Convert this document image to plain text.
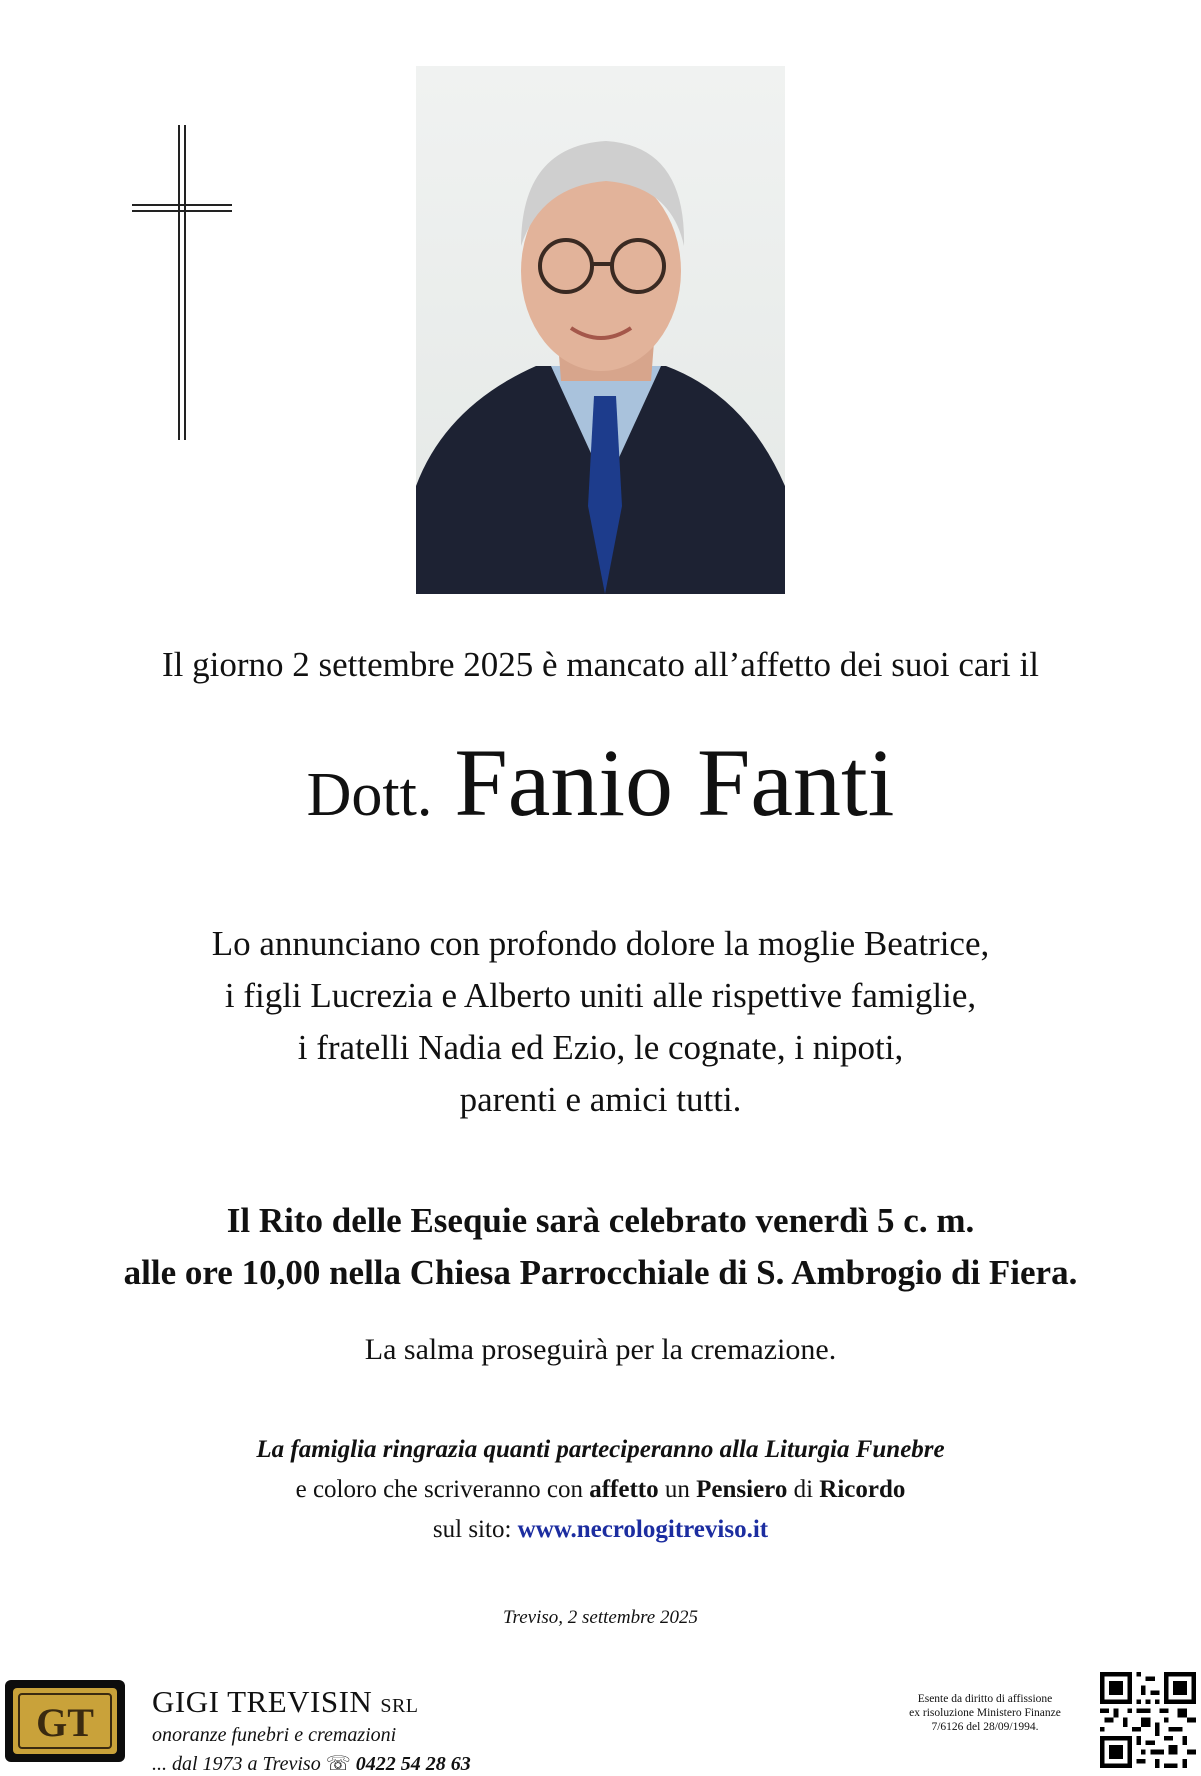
Il giorno 2 settembre 2025 è mancato all’affetto dei suoi cari il
Dott. Fanio Fanti
Lo annunciano con profondo dolore la moglie Beatrice,
i figli Lucrezia e Alberto uniti alle rispettive famiglie,
i fratelli Nadia ed Ezio, le cognate, i nipoti,
parenti e amici tutti.
Il Rito delle Esequie sarà celebrato venerdì 5 c. m.
alle ore 10,00 nella Chiesa Parrocchiale di S. Ambrogio di Fiera.
La salma proseguirà per la cremazione.
La famiglia ringrazia quanti parteciperanno alla Liturgia Funebre
e coloro che scriveranno con affetto un Pensiero di Ricordo
sul sito: www.necrologitreviso.it
Treviso, 2 settembre 2025
GT GIGI TREVISIN SRL
onoranze funebri e cremazioni
... dal 1973 a Treviso ☏ 0422 54 28 63
Esente da diritto di affissione
ex risoluzione Ministero Finanze
7/6126 del 28/09/1994.
